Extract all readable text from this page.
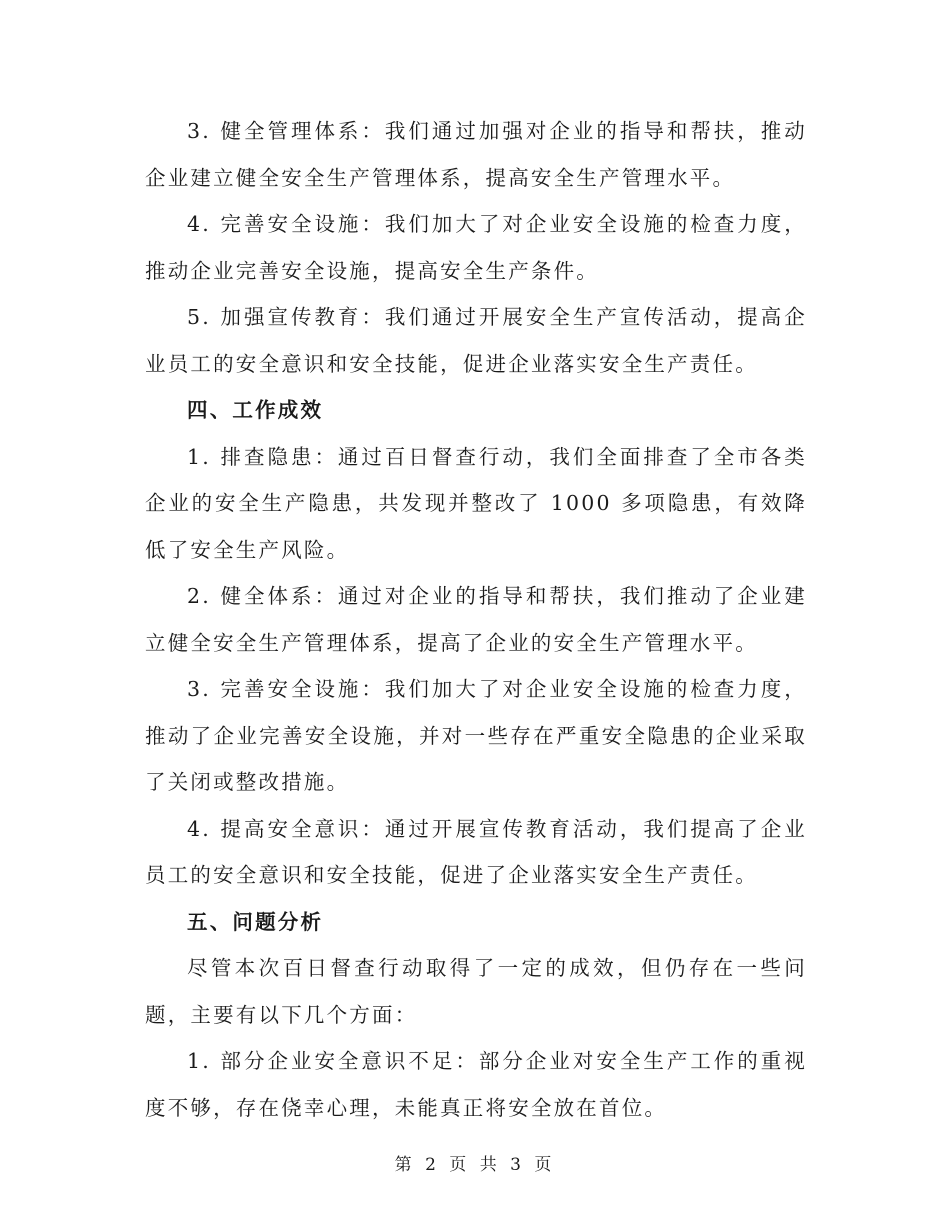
3. 健全管理体系：我们通过加强对企业的指导和帮扶，推动企业建立健全安全生产管理体系，提高安全生产管理水平。

4. 完善安全设施：我们加大了对企业安全设施的检查力度，推动企业完善安全设施，提高安全生产条件。

5. 加强宣传教育：我们通过开展安全生产宣传活动，提高企业员工的安全意识和安全技能，促进企业落实安全生产责任。

四、工作成效

1. 排查隐患：通过百日督查行动，我们全面排查了全市各类企业的安全生产隐患，共发现并整改了 1000 多项隐患，有效降低了安全生产风险。

2. 健全体系：通过对企业的指导和帮扶，我们推动了企业建立健全安全生产管理体系，提高了企业的安全生产管理水平。

3. 完善安全设施：我们加大了对企业安全设施的检查力度，推动了企业完善安全设施，并对一些存在严重安全隐患的企业采取了关闭或整改措施。

4. 提高安全意识：通过开展宣传教育活动，我们提高了企业员工的安全意识和安全技能，促进了企业落实安全生产责任。

五、问题分析

尽管本次百日督查行动取得了一定的成效，但仍存在一些问题，主要有以下几个方面：

1. 部分企业安全意识不足：部分企业对安全生产工作的重视度不够，存在侥幸心理，未能真正将安全放在首位。

第 2 页 共 3 页
